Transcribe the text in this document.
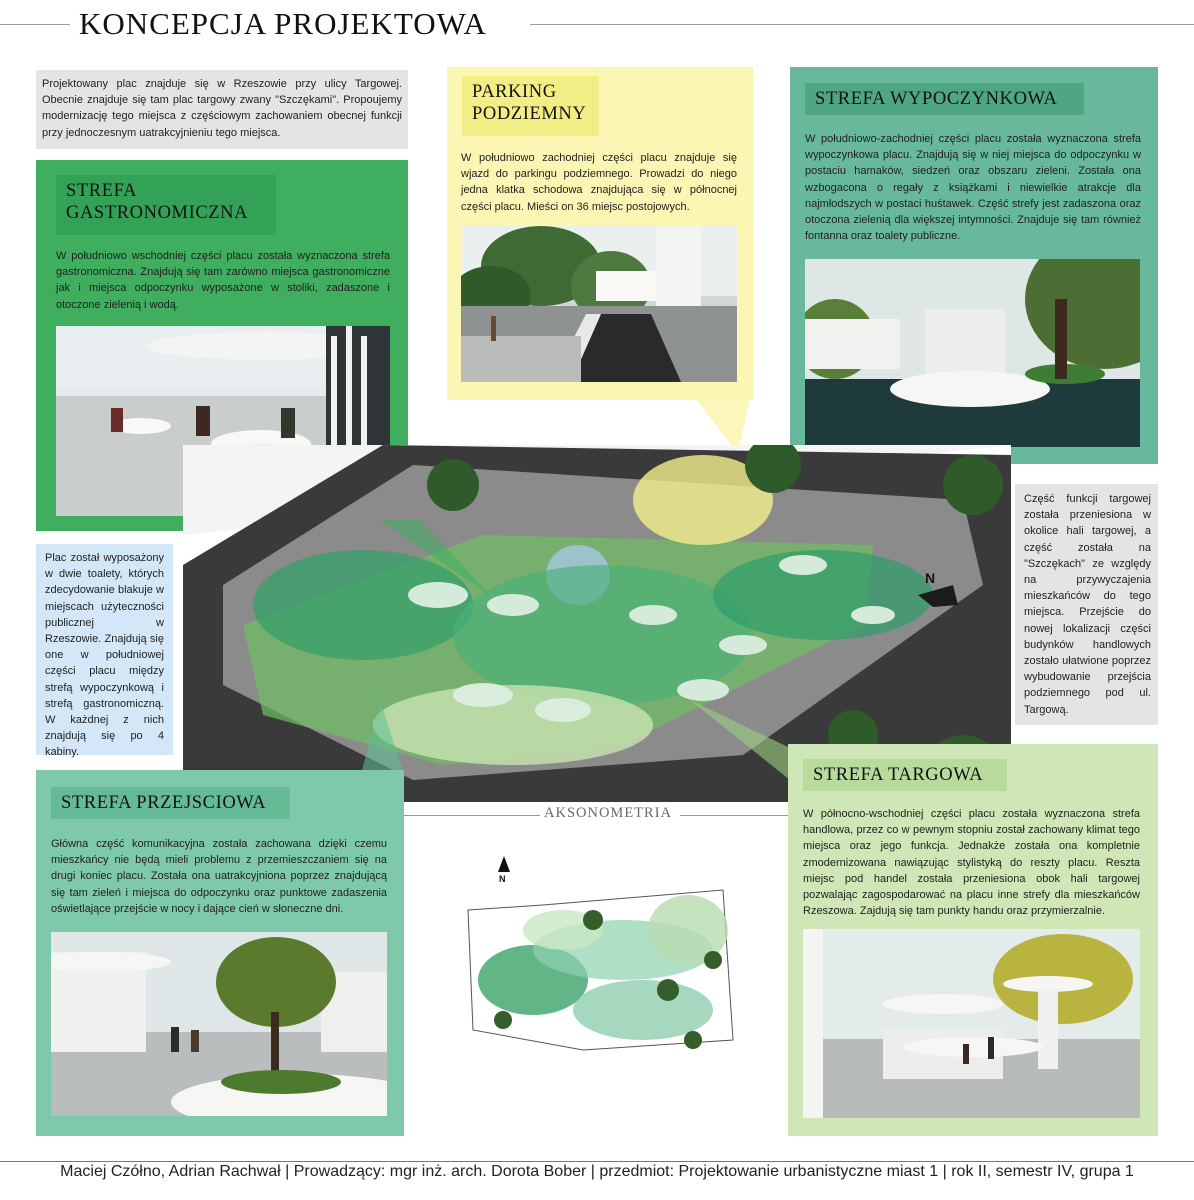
KONCEPCJA PROJEKTOWA
Projektowany plac znajduje się w Rzeszowie przy ulicy Targowej. Obecnie znajduje się tam plac targowy zwany "Szczękami". Propoujemy modernizację tego miejsca z częściowym zachowaniem obecnej funkcji przy jednoczesnym uatrakcyjnieniu tego miejsca.
PARKING
PODZIEMNY
W południowo zachodniej części placu znajduje się wjazd do parkingu podziemnego. Prowadzi do niego jedna klatka schodowa znajdująca się w północnej części placu. Mieści on 36 miejsc postojowych.
STREFA WYPOCZYNKOWA
W południowo-zachodniej części placu została wyznaczona strefa wypoczynkowa placu. Znajdują się w niej miejsca do odpoczynku w postaciu hamaków, siedzeń oraz obszaru zieleni. Została ona wzbogacona o regały z książkami i niewielkie atrakcje dla najmłodszych w postaci huśtawek. Część strefy jest zadaszona oraz otoczona zielenią dla większej intymności. Znajduje się tam również fontanna oraz toalety publiczne.
STREFA
GASTRONOMICZNA
W południowo wschodniej części placu została wyznaczona strefa gastronomiczna. Znajdują się tam zarówno miejsca gastronomiczne jak i miejsca odpoczynku wyposażone w stoliki, zadaszone i otoczone zielenią i wodą.
Plac został wyposażony w dwie toalety, których zdecydowanie blakuje w miejscach użyteczności publicznej w Rzeszowie. Znajdują się one w południowej części placu między strefą wypoczynkową i strefą gastronomiczną. W każdnej z nich znajdują się po 4 kabiny.
Część funkcji targowej została przeniesiona w okolice hali targowej, a część została na "Szczękach" ze względy na przywyczajenia mieszkańców do tego miejsca. Przejście do nowej lokalizacji części budynków handlowych zostało ułatwione poprzez wybudowanie przejścia podziemnego pod ul. Targową.
N
STREFA PRZEJSCIOWA
Główna część komunikacyjna została zachowana dzięki czemu mieszkańcy nie będą mieli problemu z przemieszczaniem się na drugi koniec placu. Została ona uatrakcyjniona poprzez znajdującą się tam zieleń i miejsca do odpoczynku oraz punktowe zadaszenia oświetlające przejście w nocy i dające cień w słoneczne dni.
AKSONOMETRIA
N
STREFA TARGOWA
W północno-wschodniej części placu została wyznaczona strefa handlowa, przez co w pewnym stopniu został zachowany klimat tego miejsca oraz jego funkcja. Jednakże została ona kompletnie zmodernizowana nawiązując stylistyką do reszty placu. Reszta miejsc pod handel została przeniesiona obok hali targowej pozwalając zagospodarować na placu inne strefy dla mieszkańców Rzeszowa. Zajdują się tam punkty handu oraz przymierzalnie.
Maciej Czółno, Adrian Rachwał | Prowadzący: mgr inż. arch. Dorota Bober | przedmiot: Projektowanie urbanistyczne miast 1 | rok II, semestr IV, grupa 1
